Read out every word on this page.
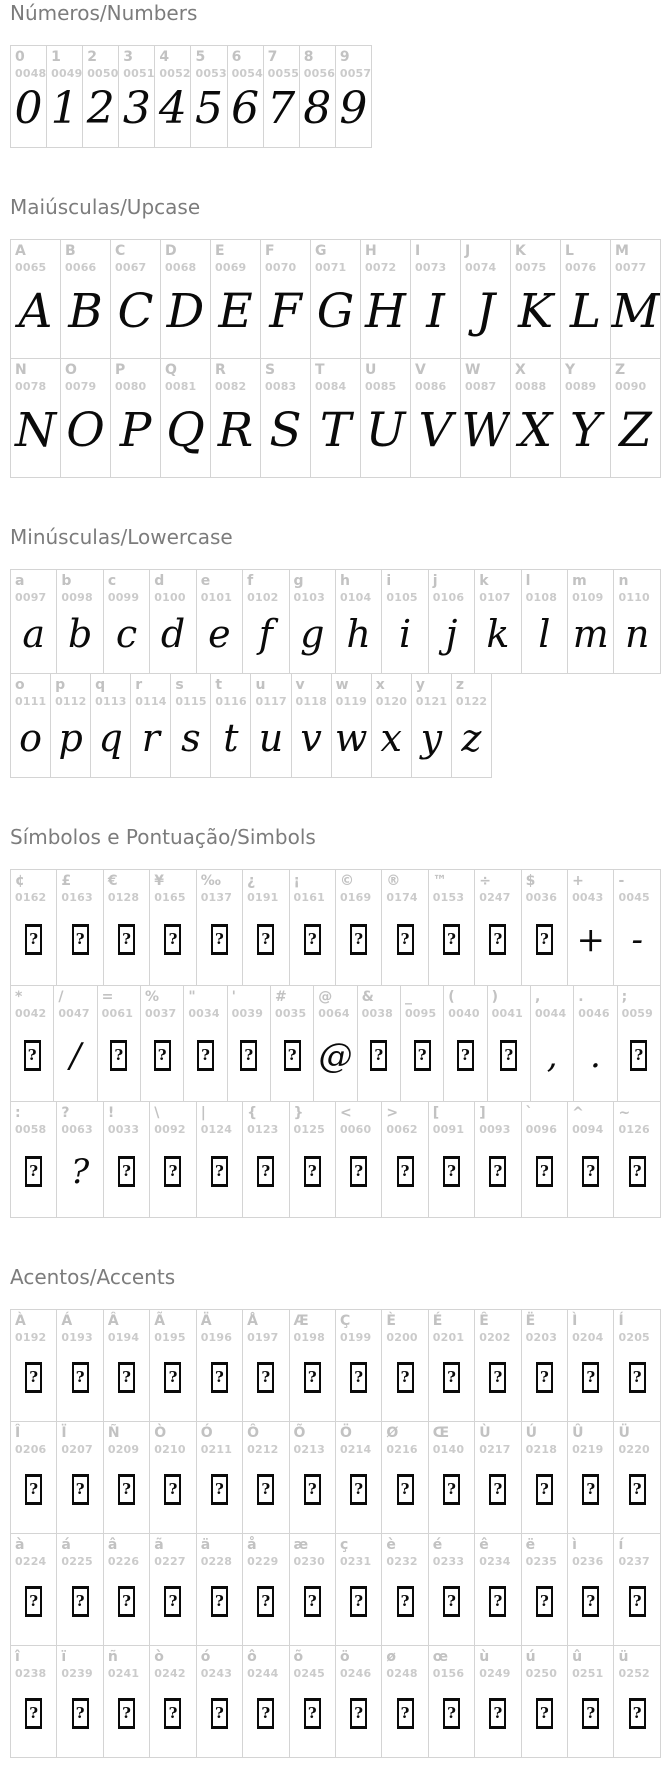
Números/Numbers
0
0048
0
1
0049
1
2
0050
2
3
0051
3
4
0052
4
5
0053
5
6
0054
6
7
0055
7
8
0056
8
9
0057
9
Maiúsculas/Upcase
A
0065
A
B
0066
B
C
0067
C
D
0068
D
E
0069
E
F
0070
F
G
0071
G
H
0072
H
I
0073
I
J
0074
J
K
0075
K
L
0076
L
M
0077
M
N
0078
N
O
0079
O
P
0080
P
Q
0081
Q
R
0082
R
S
0083
S
T
0084
T
U
0085
U
V
0086
V
W
0087
W
X
0088
X
Y
0089
Y
Z
0090
Z
Minúsculas/Lowercase
a
0097
a
b
0098
b
c
0099
c
d
0100
d
e
0101
e
f
0102
f
g
0103
g
h
0104
h
i
0105
i
j
0106
j
k
0107
k
l
0108
l
m
0109
m
n
0110
n
o
0111
o
p
0112
p
q
0113
q
r
0114
r
s
0115
s
t
0116
t
u
0117
u
v
0118
v
w
0119
w
x
0120
x
y
0121
y
z
0122
z
Símbolos e Pontuação/Simbols
¢
0162
?
£
0163
?
€
0128
?
¥
0165
?
‰
0137
?
¿
0191
?
¡
0161
?
©
0169
?
®
0174
?
™
0153
?
÷
0247
?
$
0036
?
+
0043
+
-
0045
-
*
0042
?
/
0047
/
=
0061
?
%
0037
?
"
0034
?
'
0039
?
#
0035
?
@
0064
@
&
0038
?
_
0095
?
(
0040
?
)
0041
?
,
0044
,
.
0046
.
;
0059
?
:
0058
?
?
0063
?
!
0033
?
\
0092
?
|
0124
?
{
0123
?
}
0125
?
<
0060
?
>
0062
?
[
0091
?
]
0093
?
`
0096
?
^
0094
?
~
0126
?
Acentos/Accents
À
0192
?
Á
0193
?
Â
0194
?
Ã
0195
?
Ä
0196
?
Å
0197
?
Æ
0198
?
Ç
0199
?
È
0200
?
É
0201
?
Ê
0202
?
Ë
0203
?
Ì
0204
?
Í
0205
?
Î
0206
?
Ï
0207
?
Ñ
0209
?
Ò
0210
?
Ó
0211
?
Ô
0212
?
Õ
0213
?
Ö
0214
?
Ø
0216
?
Œ
0140
?
Ù
0217
?
Ú
0218
?
Û
0219
?
Ü
0220
?
à
0224
?
á
0225
?
â
0226
?
ã
0227
?
ä
0228
?
å
0229
?
æ
0230
?
ç
0231
?
è
0232
?
é
0233
?
ê
0234
?
ë
0235
?
ì
0236
?
í
0237
?
î
0238
?
ï
0239
?
ñ
0241
?
ò
0242
?
ó
0243
?
ô
0244
?
õ
0245
?
ö
0246
?
ø
0248
?
œ
0156
?
ù
0249
?
ú
0250
?
û
0251
?
ü
0252
?
